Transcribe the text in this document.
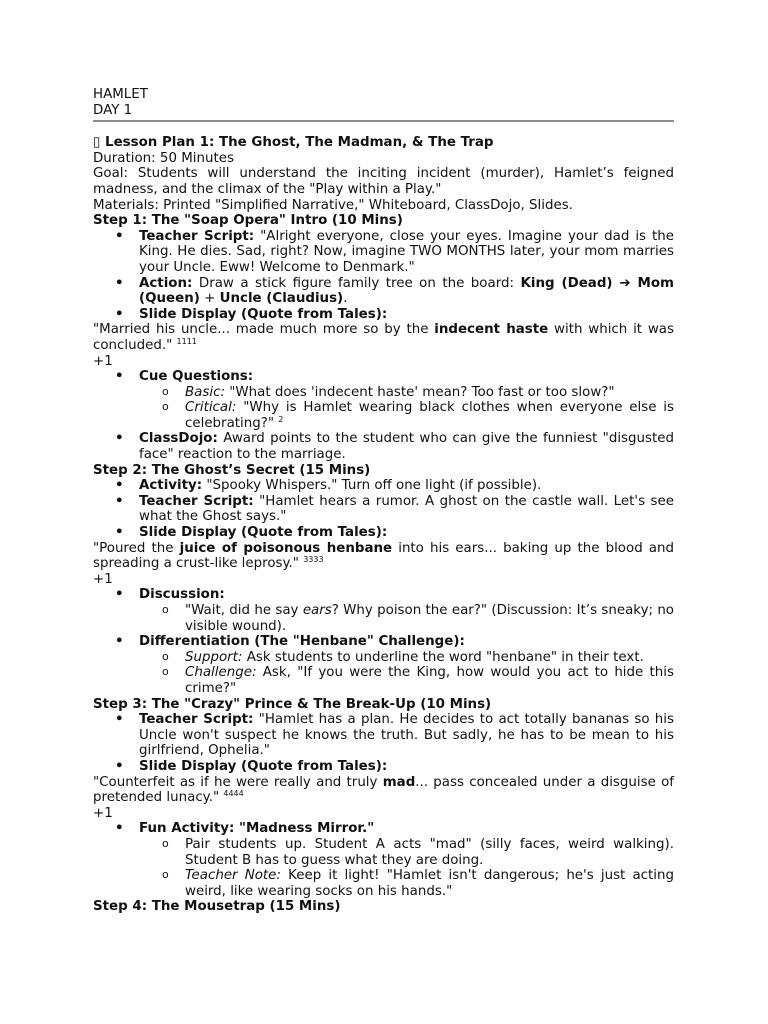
HAMLET
DAY 1
▯ Lesson Plan 1: The Ghost, The Madman, & The Trap
Duration: 50 Minutes
Goal: Students will understand the inciting incident (murder), Hamlet’s feigned madness, and the climax of the "Play within a Play."
Materials: Printed "Simplified Narrative," Whiteboard, ClassDojo, Slides.
Step 1: The "Soap Opera" Intro (10 Mins)
• Teacher Script: "Alright everyone, close your eyes. Imagine your dad is the King. He dies. Sad, right? Now, imagine TWO MONTHS later, your mom marries your Uncle. Eww! Welcome to Denmark."
• Action: Draw a stick figure family tree on the board: King (Dead) ➔ Mom (Queen) + Uncle (Claudius).
• Slide Display (Quote from Tales):
"Married his uncle... made much more so by the indecent haste with which it was concluded." $^{1111}$
+1
• Cue Questions:
o Basic: "What does 'indecent haste' mean? Too fast or too slow?"
o Critical: "Why is Hamlet wearing black clothes when everyone else is celebrating?" $^2$
• ClassDojo: Award points to the student who can give the funniest "disgusted face" reaction to the marriage.
Step 2: The Ghost’s Secret (15 Mins)
• Activity: "Spooky Whispers." Turn off one light (if possible).
• Teacher Script: "Hamlet hears a rumor. A ghost on the castle wall. Let's see what the Ghost says."
• Slide Display (Quote from Tales):
"Poured the juice of poisonous henbane into his ears... baking up the blood and spreading a crust-like leprosy." $^{3333}$
+1
• Discussion:
o "Wait, did he say ears? Why poison the ear?" (Discussion: It’s sneaky; no visible wound).
• Differentiation (The "Henbane" Challenge):
o Support: Ask students to underline the word "henbane" in their text.
o Challenge: Ask, "If you were the King, how would you act to hide this crime?"
Step 3: The "Crazy" Prince & The Break-Up (10 Mins)
• Teacher Script: "Hamlet has a plan. He decides to act totally bananas so his Uncle won't suspect he knows the truth. But sadly, he has to be mean to his girlfriend, Ophelia."
• Slide Display (Quote from Tales):
"Counterfeit as if he were really and truly mad... pass concealed under a disguise of pretended lunacy." $^{4444}$
+1
• Fun Activity: "Madness Mirror."
o Pair students up. Student A acts "mad" (silly faces, weird walking). Student B has to guess what they are doing.
o Teacher Note: Keep it light! "Hamlet isn't dangerous; he's just acting weird, like wearing socks on his hands."
Step 4: The Mousetrap (15 Mins)
